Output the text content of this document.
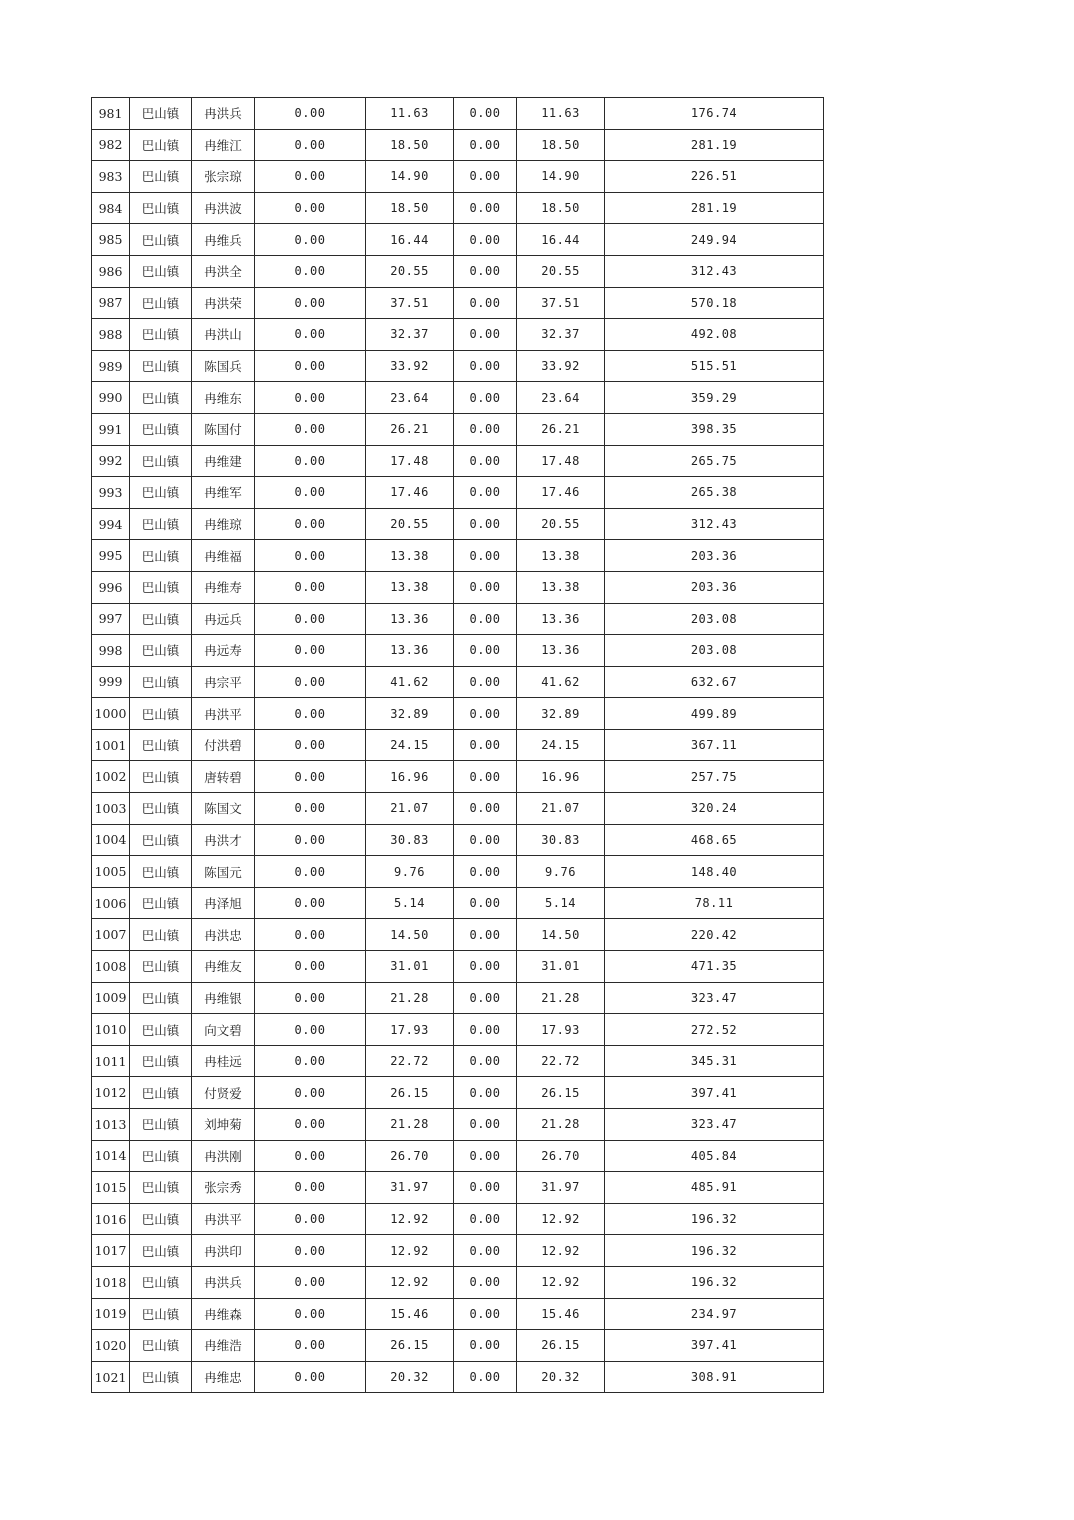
981	巴山镇	冉洪兵	0.00	11.63	0.00	11.63	176.74
982	巴山镇	冉维江	0.00	18.50	0.00	18.50	281.19
983	巴山镇	张宗琼	0.00	14.90	0.00	14.90	226.51
984	巴山镇	冉洪波	0.00	18.50	0.00	18.50	281.19
985	巴山镇	冉维兵	0.00	16.44	0.00	16.44	249.94
986	巴山镇	冉洪全	0.00	20.55	0.00	20.55	312.43
987	巴山镇	冉洪荣	0.00	37.51	0.00	37.51	570.18
988	巴山镇	冉洪山	0.00	32.37	0.00	32.37	492.08
989	巴山镇	陈国兵	0.00	33.92	0.00	33.92	515.51
990	巴山镇	冉维东	0.00	23.64	0.00	23.64	359.29
991	巴山镇	陈国付	0.00	26.21	0.00	26.21	398.35
992	巴山镇	冉维建	0.00	17.48	0.00	17.48	265.75
993	巴山镇	冉维军	0.00	17.46	0.00	17.46	265.38
994	巴山镇	冉维琼	0.00	20.55	0.00	20.55	312.43
995	巴山镇	冉维福	0.00	13.38	0.00	13.38	203.36
996	巴山镇	冉维寿	0.00	13.38	0.00	13.38	203.36
997	巴山镇	冉远兵	0.00	13.36	0.00	13.36	203.08
998	巴山镇	冉远寿	0.00	13.36	0.00	13.36	203.08
999	巴山镇	冉宗平	0.00	41.62	0.00	41.62	632.67
1000	巴山镇	冉洪平	0.00	32.89	0.00	32.89	499.89
1001	巴山镇	付洪碧	0.00	24.15	0.00	24.15	367.11
1002	巴山镇	唐转碧	0.00	16.96	0.00	16.96	257.75
1003	巴山镇	陈国文	0.00	21.07	0.00	21.07	320.24
1004	巴山镇	冉洪才	0.00	30.83	0.00	30.83	468.65
1005	巴山镇	陈国元	0.00	9.76	0.00	9.76	148.40
1006	巴山镇	冉泽旭	0.00	5.14	0.00	5.14	78.11
1007	巴山镇	冉洪忠	0.00	14.50	0.00	14.50	220.42
1008	巴山镇	冉维友	0.00	31.01	0.00	31.01	471.35
1009	巴山镇	冉维银	0.00	21.28	0.00	21.28	323.47
1010	巴山镇	向文碧	0.00	17.93	0.00	17.93	272.52
1011	巴山镇	冉桂远	0.00	22.72	0.00	22.72	345.31
1012	巴山镇	付贤爱	0.00	26.15	0.00	26.15	397.41
1013	巴山镇	刘坤菊	0.00	21.28	0.00	21.28	323.47
1014	巴山镇	冉洪刚	0.00	26.70	0.00	26.70	405.84
1015	巴山镇	张宗秀	0.00	31.97	0.00	31.97	485.91
1016	巴山镇	冉洪平	0.00	12.92	0.00	12.92	196.32
1017	巴山镇	冉洪印	0.00	12.92	0.00	12.92	196.32
1018	巴山镇	冉洪兵	0.00	12.92	0.00	12.92	196.32
1019	巴山镇	冉维森	0.00	15.46	0.00	15.46	234.97
1020	巴山镇	冉维浩	0.00	26.15	0.00	26.15	397.41
1021	巴山镇	冉维忠	0.00	20.32	0.00	20.32	308.91
